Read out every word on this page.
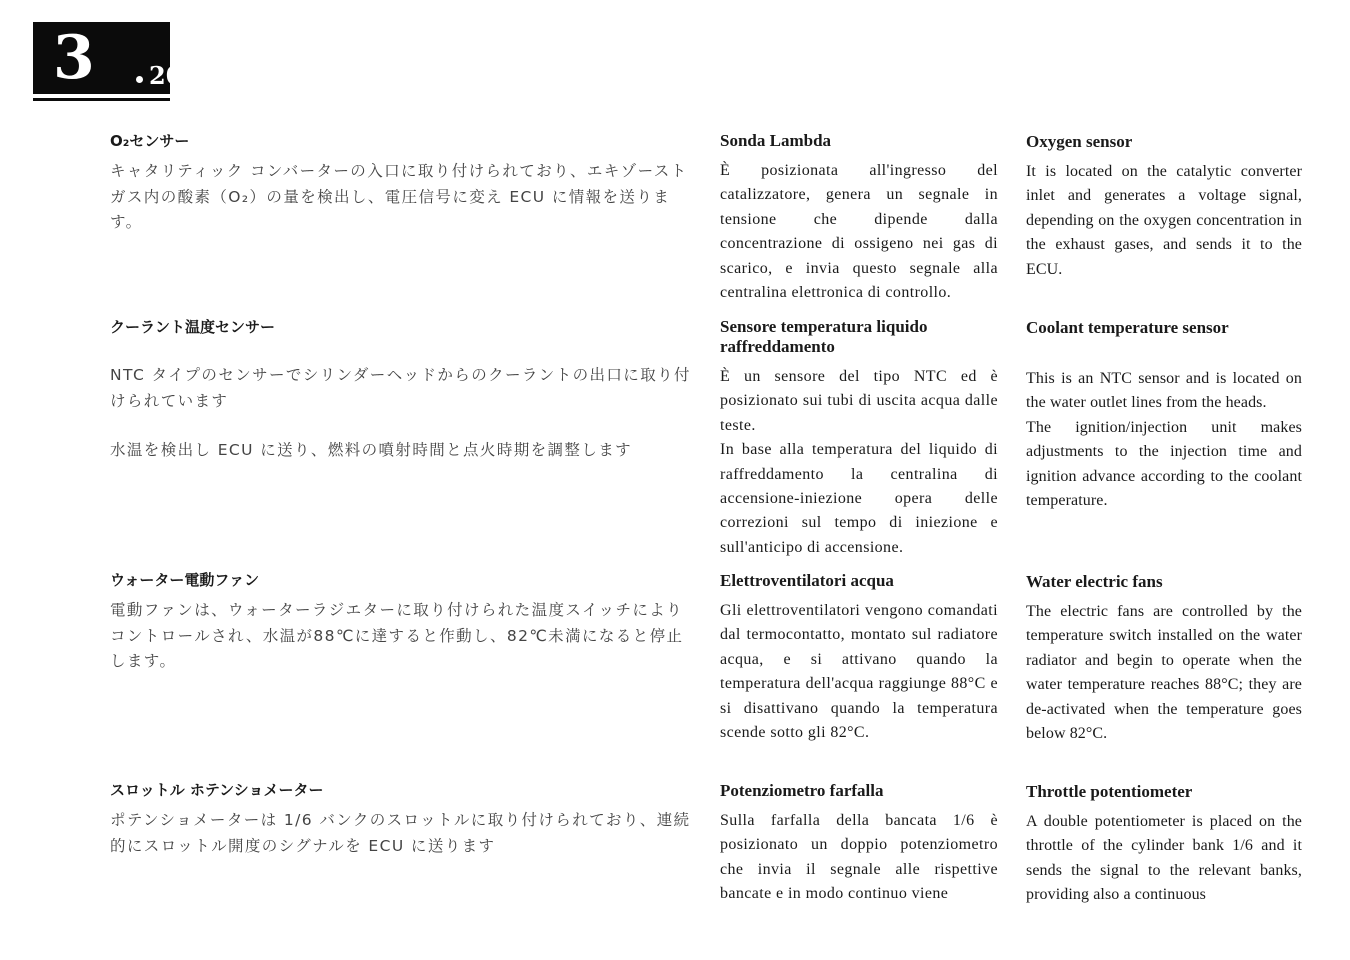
3 20
O₂センサー

キャタリティック コンバーターの入口に取り付けられており、エキゾースト ガス内の酸素（O₂）の量を検出し、電圧信号に変え ECU に情報を送ります。

クーラント温度センサー

NTC タイプのセンサーでシリンダーヘッドからのクーラントの出口に取り付けられています

水温を検出し ECU に送り、燃料の噴射時間と点火時期を調整します

ウォーター電動ファン

電動ファンは、ウォーターラジエターに取り付けられた温度スイッチによりコントロールされ、水温が88℃に達すると作動し、82℃未満になると停止します。

スロットル ホテンショメーター

ポテンショメーターは 1/6 バンクのスロットルに取り付けられており、連続的にスロットル開度のシグナルを ECU に送ります

Sonda Lambda

È posizionata all'ingresso del catalizzatore, genera un segnale in tensione che dipende dalla concentrazione di ossigeno nei gas di scarico, e invia questo segnale alla centralina elettronica di controllo.

Sensore temperatura liquido raffreddamento

È un sensore del tipo NTC ed è posizionato sui tubi di uscita acqua dalle teste.
In base alla temperatura del liquido di raffreddamento la centralina di accensione-iniezione opera delle correzioni sul tempo di iniezione e sull'anticipo di accensione.

Elettroventilatori acqua

Gli elettroventilatori vengono comandati dal termocontatto, montato sul radiatore acqua, e si attivano quando la temperatura dell'acqua raggiunge 88°C e si disattivano quando la temperatura scende sotto gli 82°C.

Potenziometro farfalla

Sulla farfalla della bancata 1/6 è posizionato un doppio potenziometro che invia il segnale alle rispettive bancate e in modo continuo viene

Oxygen sensor

It is located on the catalytic converter inlet and generates a voltage signal, depending on the oxygen concentration in the exhaust gases, and sends it to the ECU.

Coolant temperature sensor

This is an NTC sensor and is located on the water outlet lines from the heads.
The ignition/injection unit makes adjustments to the injection time and ignition advance according to the coolant temperature.

Water electric fans

The electric fans are controlled by the temperature switch installed on the water radiator and begin to operate when the water temperature reaches 88°C; they are de-activated when the temperature goes below 82°C.

Throttle potentiometer

A double potentiometer is placed on the throttle of the cylinder bank 1/6 and it sends the signal to the relevant banks, providing also a continuous
